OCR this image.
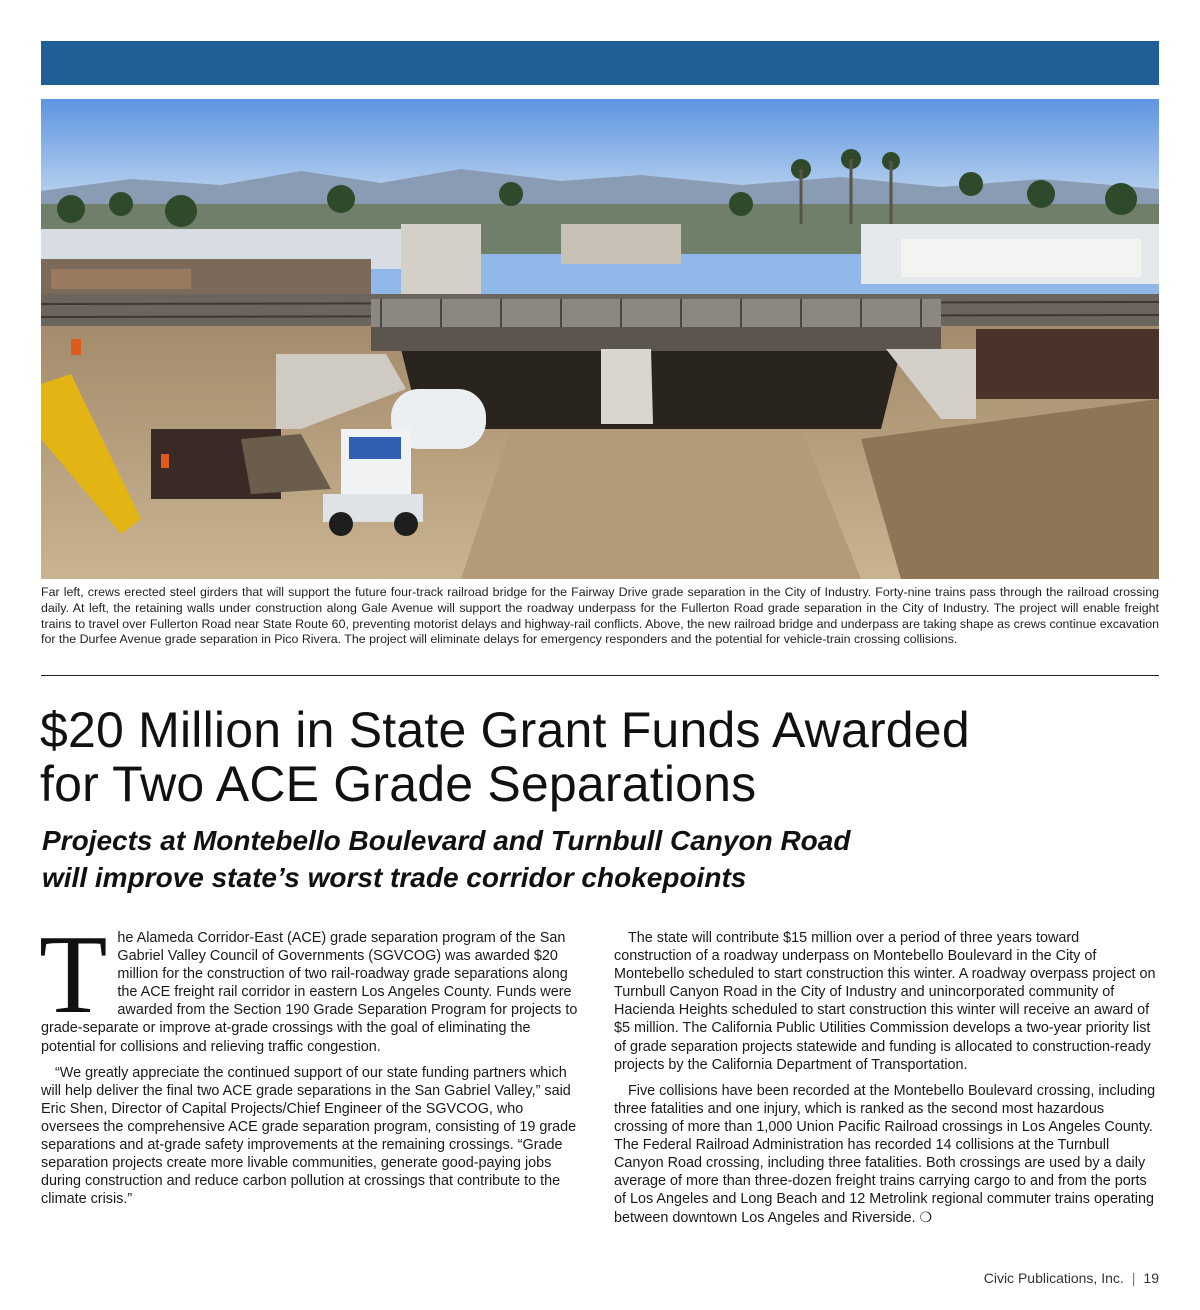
Far left, crews erected steel girders that will support the future four-track railroad bridge for the Fairway Drive grade separation in the City of Industry. Forty-nine trains pass through the railroad crossing daily. At left, the retaining walls under construction along Gale Avenue will support the roadway underpass for the Fullerton Road grade separation in the City of Industry. The project will enable freight trains to travel over Fullerton Road near State Route 60, preventing motorist delays and highway-rail conflicts. Above, the new railroad bridge and underpass are taking shape as crews continue excavation for the Durfee Avenue grade separation in Pico Rivera. The project will eliminate delays for emergency responders and the potential for vehicle-train crossing collisions.

$20 Million in State Grant Funds Awarded
for Two ACE Grade Separations
Projects at Montebello Boulevard and Turnbull Canyon Road
will improve state’s worst trade corridor chokepoints

The Alameda Corridor-East (ACE) grade separation program of the San Gabriel Valley Council of Governments (SGVCOG) was awarded $20 million for the construction of two rail-roadway grade separations along the ACE freight rail corridor in eastern Los Angeles County. Funds were awarded from the Section 190 Grade Separation Program for projects to grade-separate or improve at-grade crossings with the goal of eliminating the potential for collisions and relieving traffic congestion.

“We greatly appreciate the continued support of our state funding partners which will help deliver the final two ACE grade separations in the San Gabriel Valley,” said Eric Shen, Director of Capital Projects/Chief Engineer of the SGVCOG, who oversees the comprehensive ACE grade separation program, consisting of 19 grade separations and at-grade safety improvements at the remaining crossings. “Grade separation projects create more livable communities, generate good-paying jobs during construction and reduce carbon pollution at crossings that contribute to the climate crisis.”

The state will contribute $15 million over a period of three years toward construction of a roadway underpass on Montebello Boulevard in the City of Montebello scheduled to start construction this winter. A roadway overpass project on Turnbull Canyon Road in the City of Industry and unincorporated community of Hacienda Heights scheduled to start construction this winter will receive an award of $5 million. The California Public Utilities Commission develops a two-year priority list of grade separation projects statewide and funding is allocated to construction-ready projects by the California Department of Transportation.

Five collisions have been recorded at the Montebello Boulevard crossing, including three fatalities and one injury, which is ranked as the second most hazardous crossing of more than 1,000 Union Pacific Railroad crossings in Los Angeles County. The Federal Railroad Administration has recorded 14 collisions at the Turnbull Canyon Road crossing, including three fatalities. Both crossings are used by a daily average of more than three-dozen freight trains carrying cargo to and from the ports of Los Angeles and Long Beach and 12 Metrolink regional commuter trains operating between downtown Los Angeles and Riverside. ❍

Civic Publications, Inc. | 19
